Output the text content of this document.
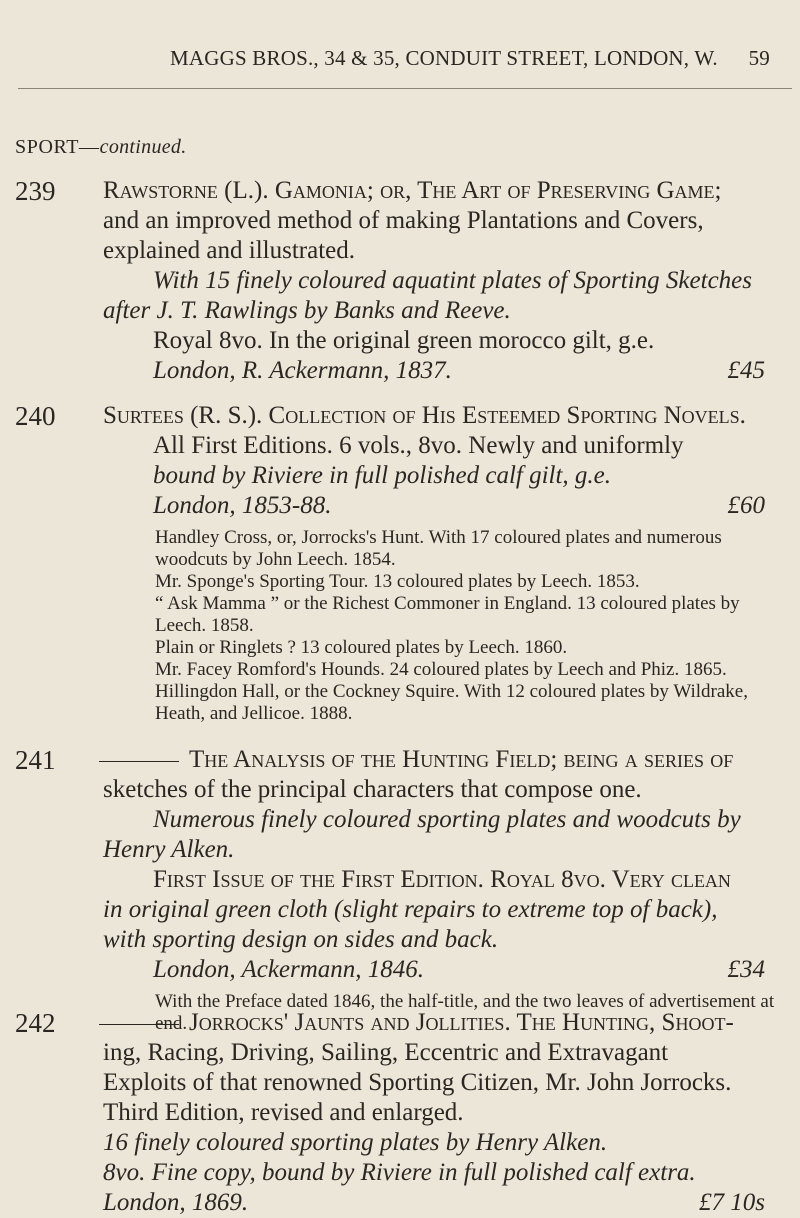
MAGGS BROS., 34 & 35, CONDUIT STREET, LONDON, W. 59
SPORT—continued.
239 Rawstorne (L.). Gamonia; or, The Art of Preserving Game;
and an improved method of making Plantations and Covers,
explained and illustrated.
With 15 finely coloured aquatint plates of Sporting Sketches
after J. T. Rawlings by Banks and Reeve.
Royal 8vo. In the original green morocco gilt, g.e.
London, R. Ackermann, 1837.	£45
240 Surtees (R. S.). Collection of His Esteemed Sporting Novels.
All First Editions. 6 vols., 8vo. Newly and uniformly
bound by Riviere in full polished calf gilt, g.e.
London, 1853-88.	£60
Handley Cross, or, Jorrocks's Hunt. With 17 coloured plates and numerous woodcuts by John Leech. 1854.
Mr. Sponge's Sporting Tour. 13 coloured plates by Leech. 1853.
“ Ask Mamma ” or the Richest Commoner in England. 13 coloured plates by Leech. 1858.
Plain or Ringlets ? 13 coloured plates by Leech. 1860.
Mr. Facey Romford's Hounds. 24 coloured plates by Leech and Phiz. 1865.
Hillingdon Hall, or the Cockney Squire. With 12 coloured plates by Wildrake, Heath, and Jellicoe. 1888.
241	The Analysis of the Hunting Field; being a series of
sketches of the principal characters that compose one.
Numerous finely coloured sporting plates and woodcuts by
Henry Alken.
First Issue of the First Edition. Royal 8vo. Very clean
in original green cloth (slight repairs to extreme top of back),
with sporting design on sides and back.
London, Ackermann, 1846.	£34
With the Preface dated 1846, the half-title, and the two leaves of advertisement at end.
242	Jorrocks' Jaunts and Jollities. The Hunting, Shoot-
ing, Racing, Driving, Sailing, Eccentric and Extravagant
Exploits of that renowned Sporting Citizen, Mr. John Jorrocks.
Third Edition, revised and enlarged.
16 finely coloured sporting plates by Henry Alken.
8vo. Fine copy, bound by Riviere in full polished calf extra.
London, 1869.	£7 10s
